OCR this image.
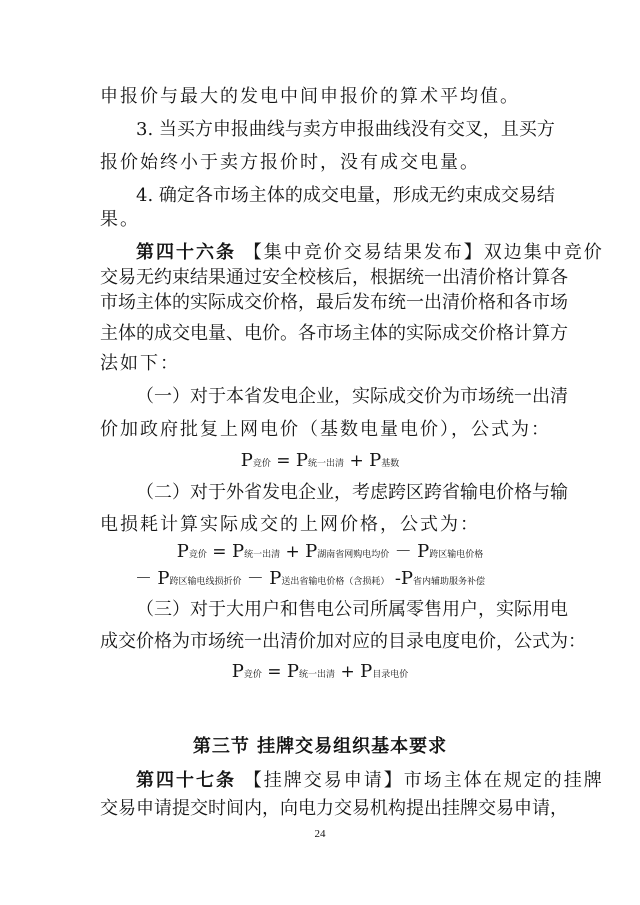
申报价与最大的发电中间申报价的算术平均值。
3. 当买方申报曲线与卖方申报曲线没有交叉，且买方
报价始终小于卖方报价时，没有成交电量。
4. 确定各市场主体的成交电量，形成无约束成交易结
果。
第四十六条 【集中竞价交易结果发布】双边集中竞价
交易无约束结果通过安全校核后，根据统一出清价格计算各
市场主体的实际成交价格，最后发布统一出清价格和各市场
主体的成交电量、电价。各市场主体的实际成交价格计算方
法如下：
（一）对于本省发电企业，实际成交价为市场统一出清
价加政府批复上网电价（基数电量电价），公式为：
P竞价 = P统一出清 + P基数
（二）对于外省发电企业，考虑跨区跨省输电价格与输
电损耗计算实际成交的上网价格，公式为：
P竞价 = P统一出清 + P湖南省网购电均价 － P跨区输电价格
－ P跨区输电线损折价 － P送出省输电价格（含损耗） -P省内辅助服务补偿
（三）对于大用户和售电公司所属零售用户，实际用电
成交价格为市场统一出清价加对应的目录电度电价，公式为：
P竞价 = P统一出清 + P目录电价
第三节 挂牌交易组织基本要求
第四十七条 【挂牌交易申请】市场主体在规定的挂牌
交易申请提交时间内，向电力交易机构提出挂牌交易申请，
24
